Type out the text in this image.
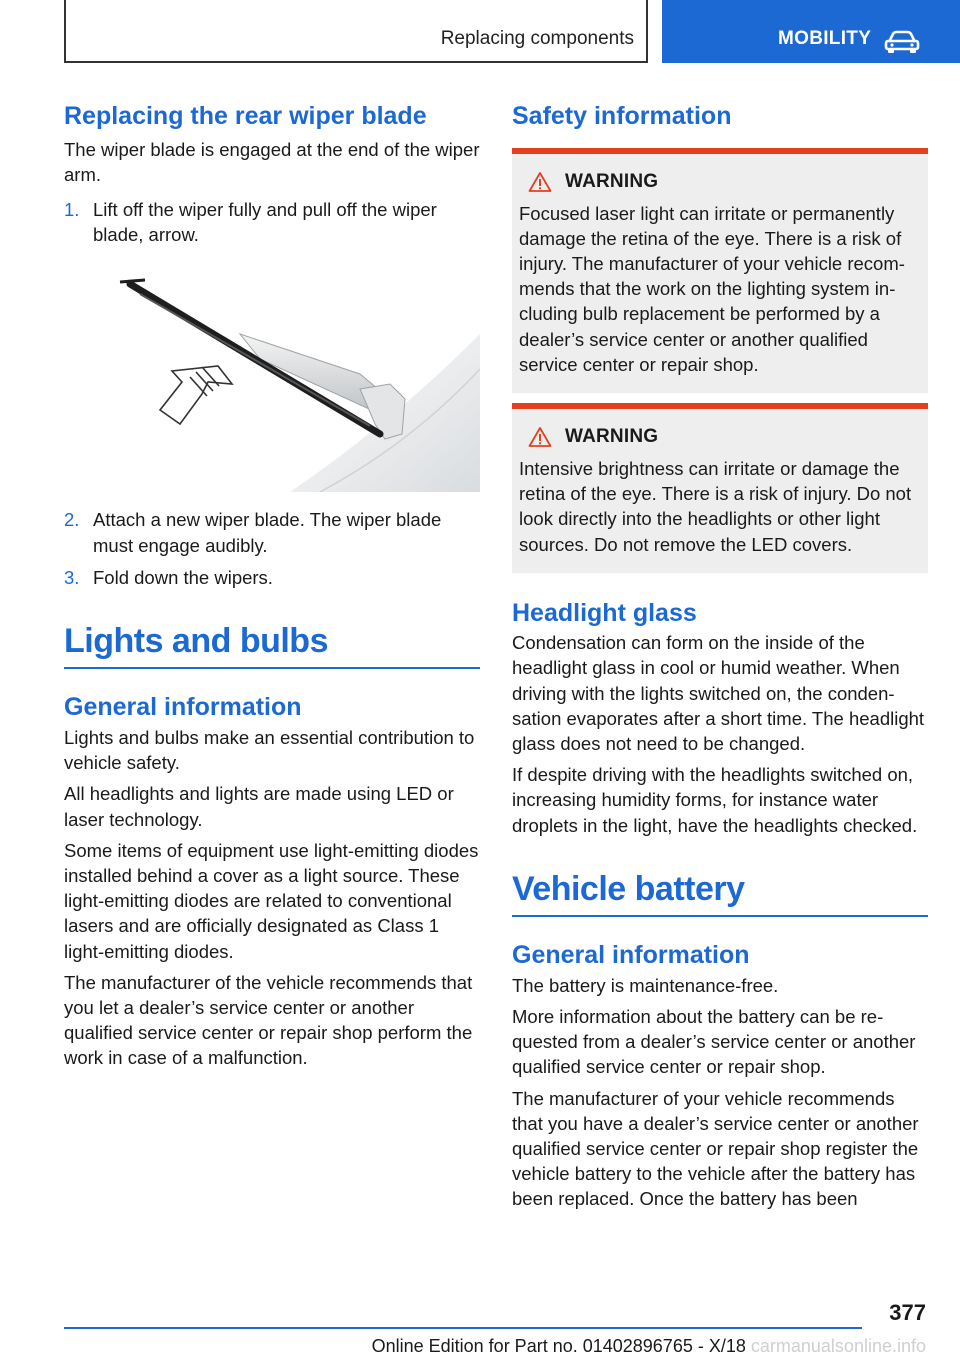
Replacing components	MOBILITY
Replacing the rear wiper blade

The wiper blade is engaged at the end of the wiper arm.

1. Lift off the wiper fully and pull off the wiper blade, arrow.
2. Attach a new wiper blade. The wiper blade must engage audibly.
3. Fold down the wipers.
Lights and bulbs
General information

Lights and bulbs make an essential contribution to vehicle safety.

All headlights and lights are made using LED or laser technology.

Some items of equipment use light-emitting diodes installed behind a cover as a light source. These light-emitting diodes are related to conventional lasers and are officially designated as Class 1 light-emitting diodes.

The manufacturer of the vehicle recommends that you let a dealer’s service center or another qualified service center or repair shop perform the work in case of a malfunction.

Safety information
WARNING

Focused laser light can irritate or permanently damage the retina of the eye. There is a risk of injury. The manufacturer of your vehicle recommends that the work on the lighting system including bulb replacement be performed by a dealer’s service center or another qualified service center or repair shop.

WARNING

Intensive brightness can irritate or damage the retina of the eye. There is a risk of injury. Do not look directly into the headlights or other light sources. Do not remove the LED covers.

Headlight glass

Condensation can form on the inside of the headlight glass in cool or humid weather. When driving with the lights switched on, the condensation evaporates after a short time. The headlight glass does not need to be changed.

If despite driving with the headlights switched on, increasing humidity forms, for instance water droplets in the light, have the headlights checked.

Vehicle battery
General information

The battery is maintenance-free.

More information about the battery can be requested from a dealer’s service center or another qualified service center or repair shop.

The manufacturer of your vehicle recommends that you have a dealer’s service center or another qualified service center or repair shop register the vehicle battery to the vehicle after the battery has been replaced. Once the battery has been

377
Online Edition for Part no. 01402896765 - X/18 carmanualsonline.info
